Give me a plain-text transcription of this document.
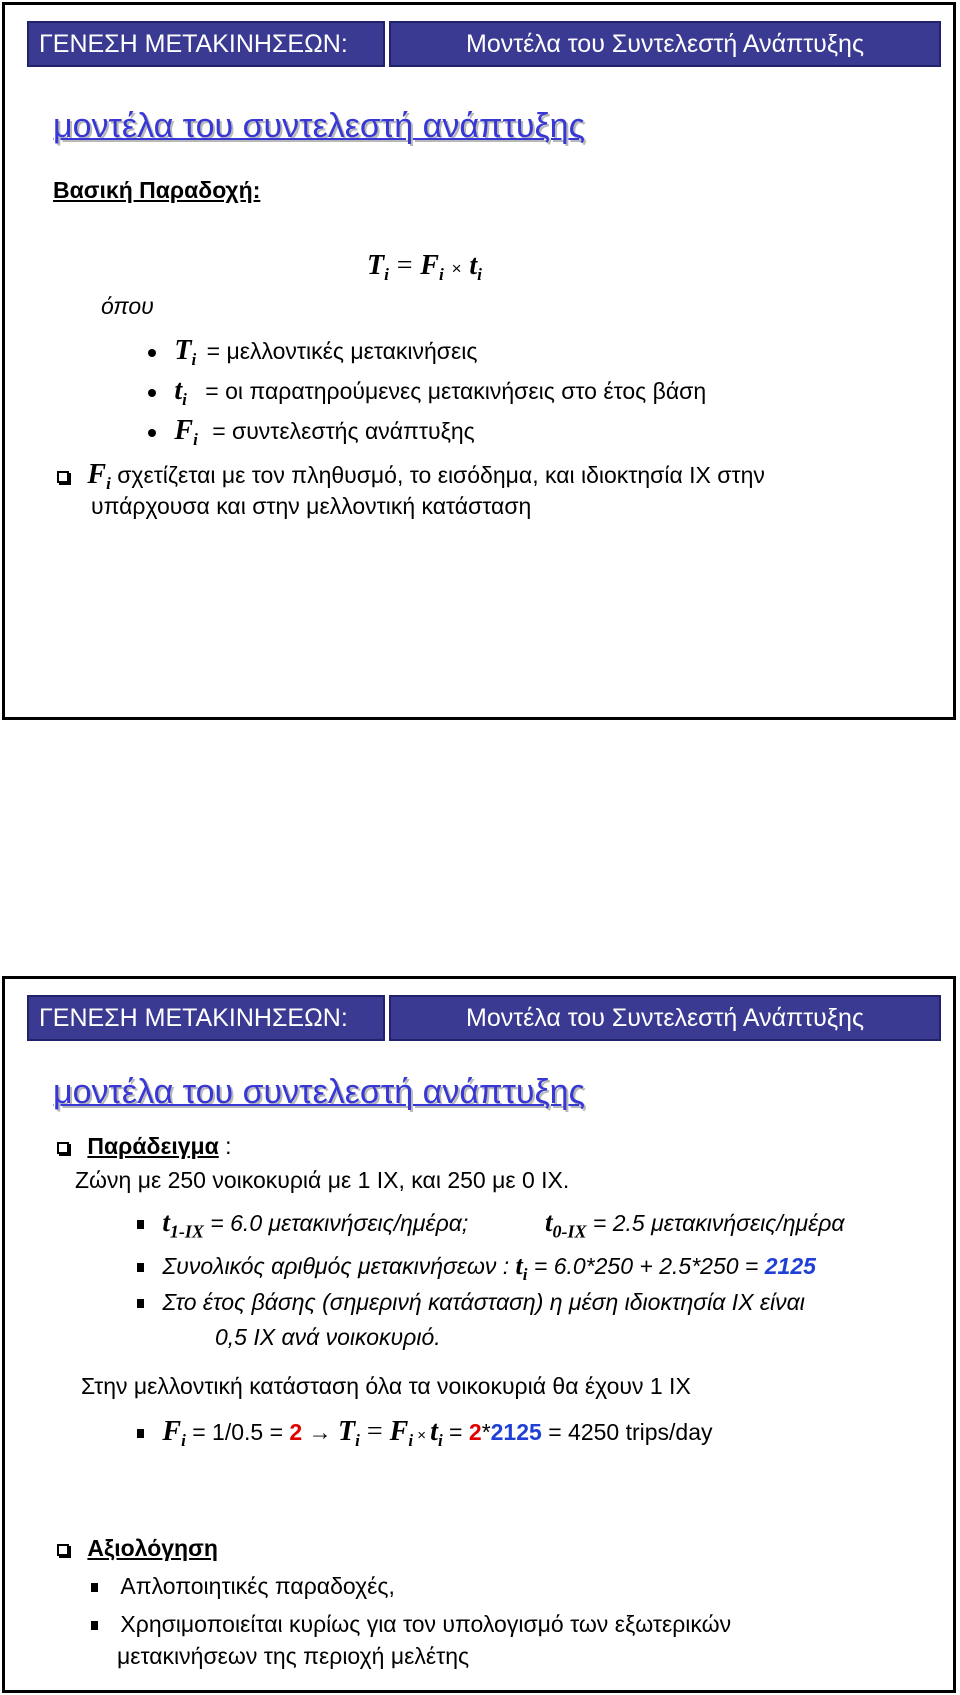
ΓΕΝΕΣΗ ΜΕΤΑΚΙΝΗΣΕΩΝ:	Μοντέλα του Συντελεστή Ανάπτυξης
μοντέλα του συντελεστή ανάπτυξης
Βασική Παραδοχή:
$T_i = F_i \times t_i$
όπου
$T_i = \mu\varepsilon\lambda\lambda o\nu\tau\iota\kappa έ\varsigma$ μετακινήσεις
$t_i = o\iota$ παρατηρούμενες μετακινήσεις στο έτος βάση
$F_i = \sigma\upsilon\nu\tau\varepsilon\lambda\varepsilon\sigma\tau ή\varsigma$ ανάπτυξης
$F_i$ σχετίζεται με τον πληθυσμό, το εισόδημα, και ιδιοκτησία ΙΧ στην
υπάρχουσα και στην μελλοντική κατάσταση
ΓΕΝΕΣΗ ΜΕΤΑΚΙΝΗΣΕΩΝ:	Μοντέλα του Συντελεστή Ανάπτυξης
μοντέλα του συντελεστή ανάπτυξης
Παράδειγμα :
Ζώνη με 250 νοικοκυριά με 1 ΙΧ, και 250 με 0 ΙΧ.
$t_{1-IX} = 6.0$ μετακινήσεις/ημέρα;	$t_{0-IX} = 2.5$ μετακινήσεις/ημέρα
Συνολικός αριθμός μετακινήσεων : $t_i = 6.0*250 + 2.5*250 = 2125$
Στο έτος βάσης (σημερινή κατάσταση) η μέση ιδιοκτησία ΙΧ είναι
0,5 ΙΧ ανά νοικοκυριό.
Στην μελλοντική κατάσταση όλα τα νοικοκυριά θα έχουν 1 ΙΧ
$F_i = 1/0.5 = 2 \to T_i = F_i \times t_i = 2*2125 = 4250$ trips/day
Αξιολόγηση
Απλοποιητικές παραδοχές,
Χρησιμοποιείται κυρίως για τον υπολογισμό των εξωτερικών
μετακινήσεων της περιοχή μελέτης
